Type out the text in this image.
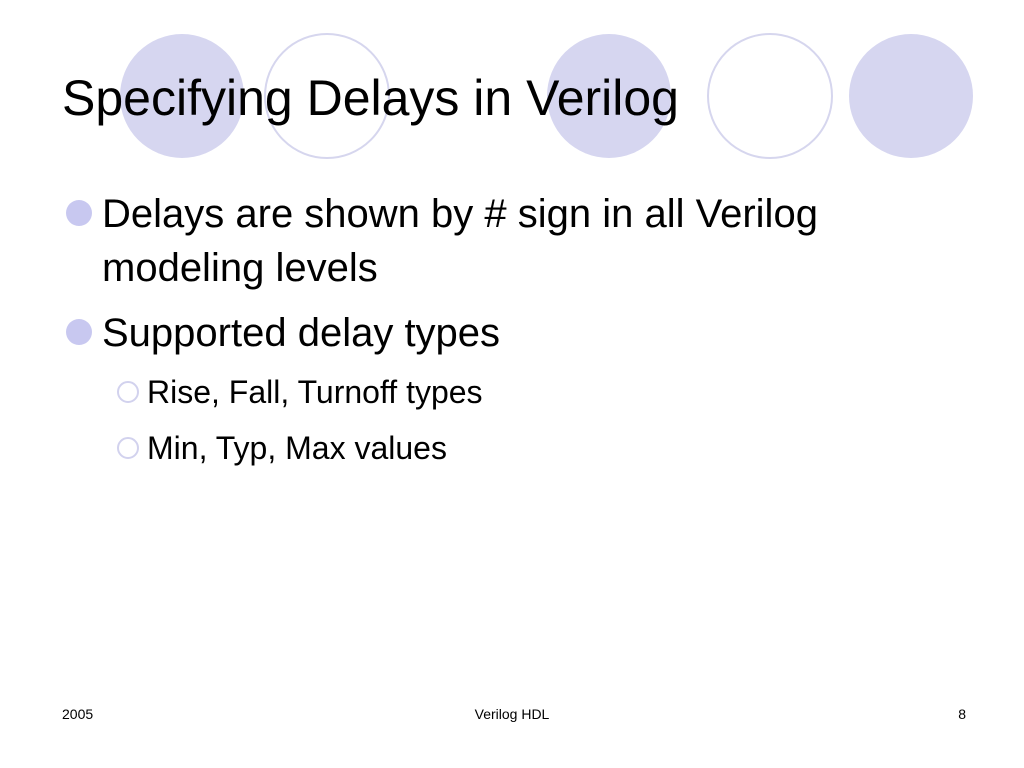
Specifying Delays in Verilog
Delays are shown by # sign in all Verilog modeling levels
Supported delay types
Rise, Fall, Turnoff types
Min, Typ, Max values
2005	Verilog HDL	8
